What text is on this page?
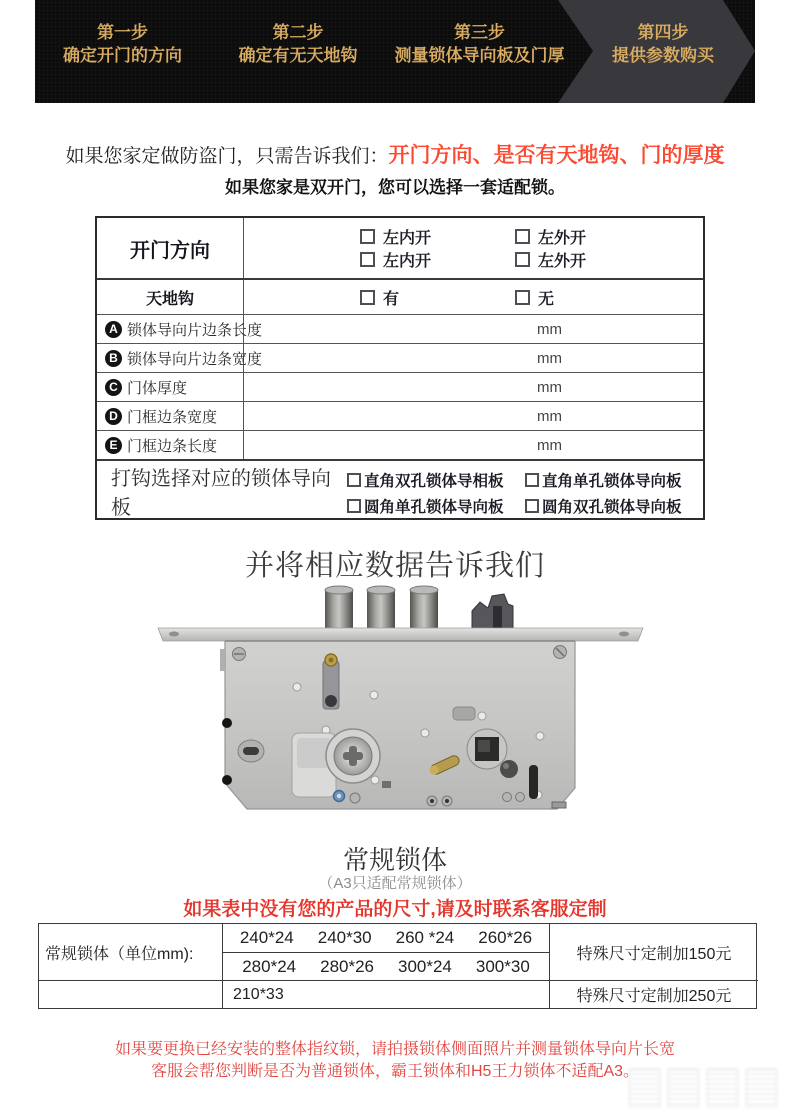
第一步
确定开门的方向
第二步
确定有无天地钩
第三步
测量锁体导向板及门厚
第四步
提供参数购买
如果您家定做防盗门，只需告诉我们：开门方向、是否有天地钩、门的厚度
如果您家是双开门，您可以选择一套适配锁。
开门方向
左内开	左外开
左内开	左外开
天地钩	有	无
A 锁体导向片边条长度	mm
B 锁体导向片边条宽度	mm
C 门体厚度	mm
D 门框边条宽度	mm
E 门框边条长度	mm
打钩选择对应的锁体导向板
直角双孔锁体导相板 直角单孔锁体导向板
圆角单孔锁体导向板 圆角双孔锁体导向板
并将相应数据告诉我们
常规锁体
（A3只适配常规锁体）
如果表中没有您的产品的尺寸,请及时联系客服定制
常规锁体（单位mm):
240*24 240*30 260 *24 260*26
280*24 280*26 300*24 300*30
特殊尺寸定制加150元
210*33	特殊尺寸定制加250元
如果要更换已经安装的整体指纹锁，请拍摄锁体侧面照片并测量锁体导向片长宽
客服会帮您判断是否为普通锁体，霸王锁体和H5王力锁体不适配A3。
